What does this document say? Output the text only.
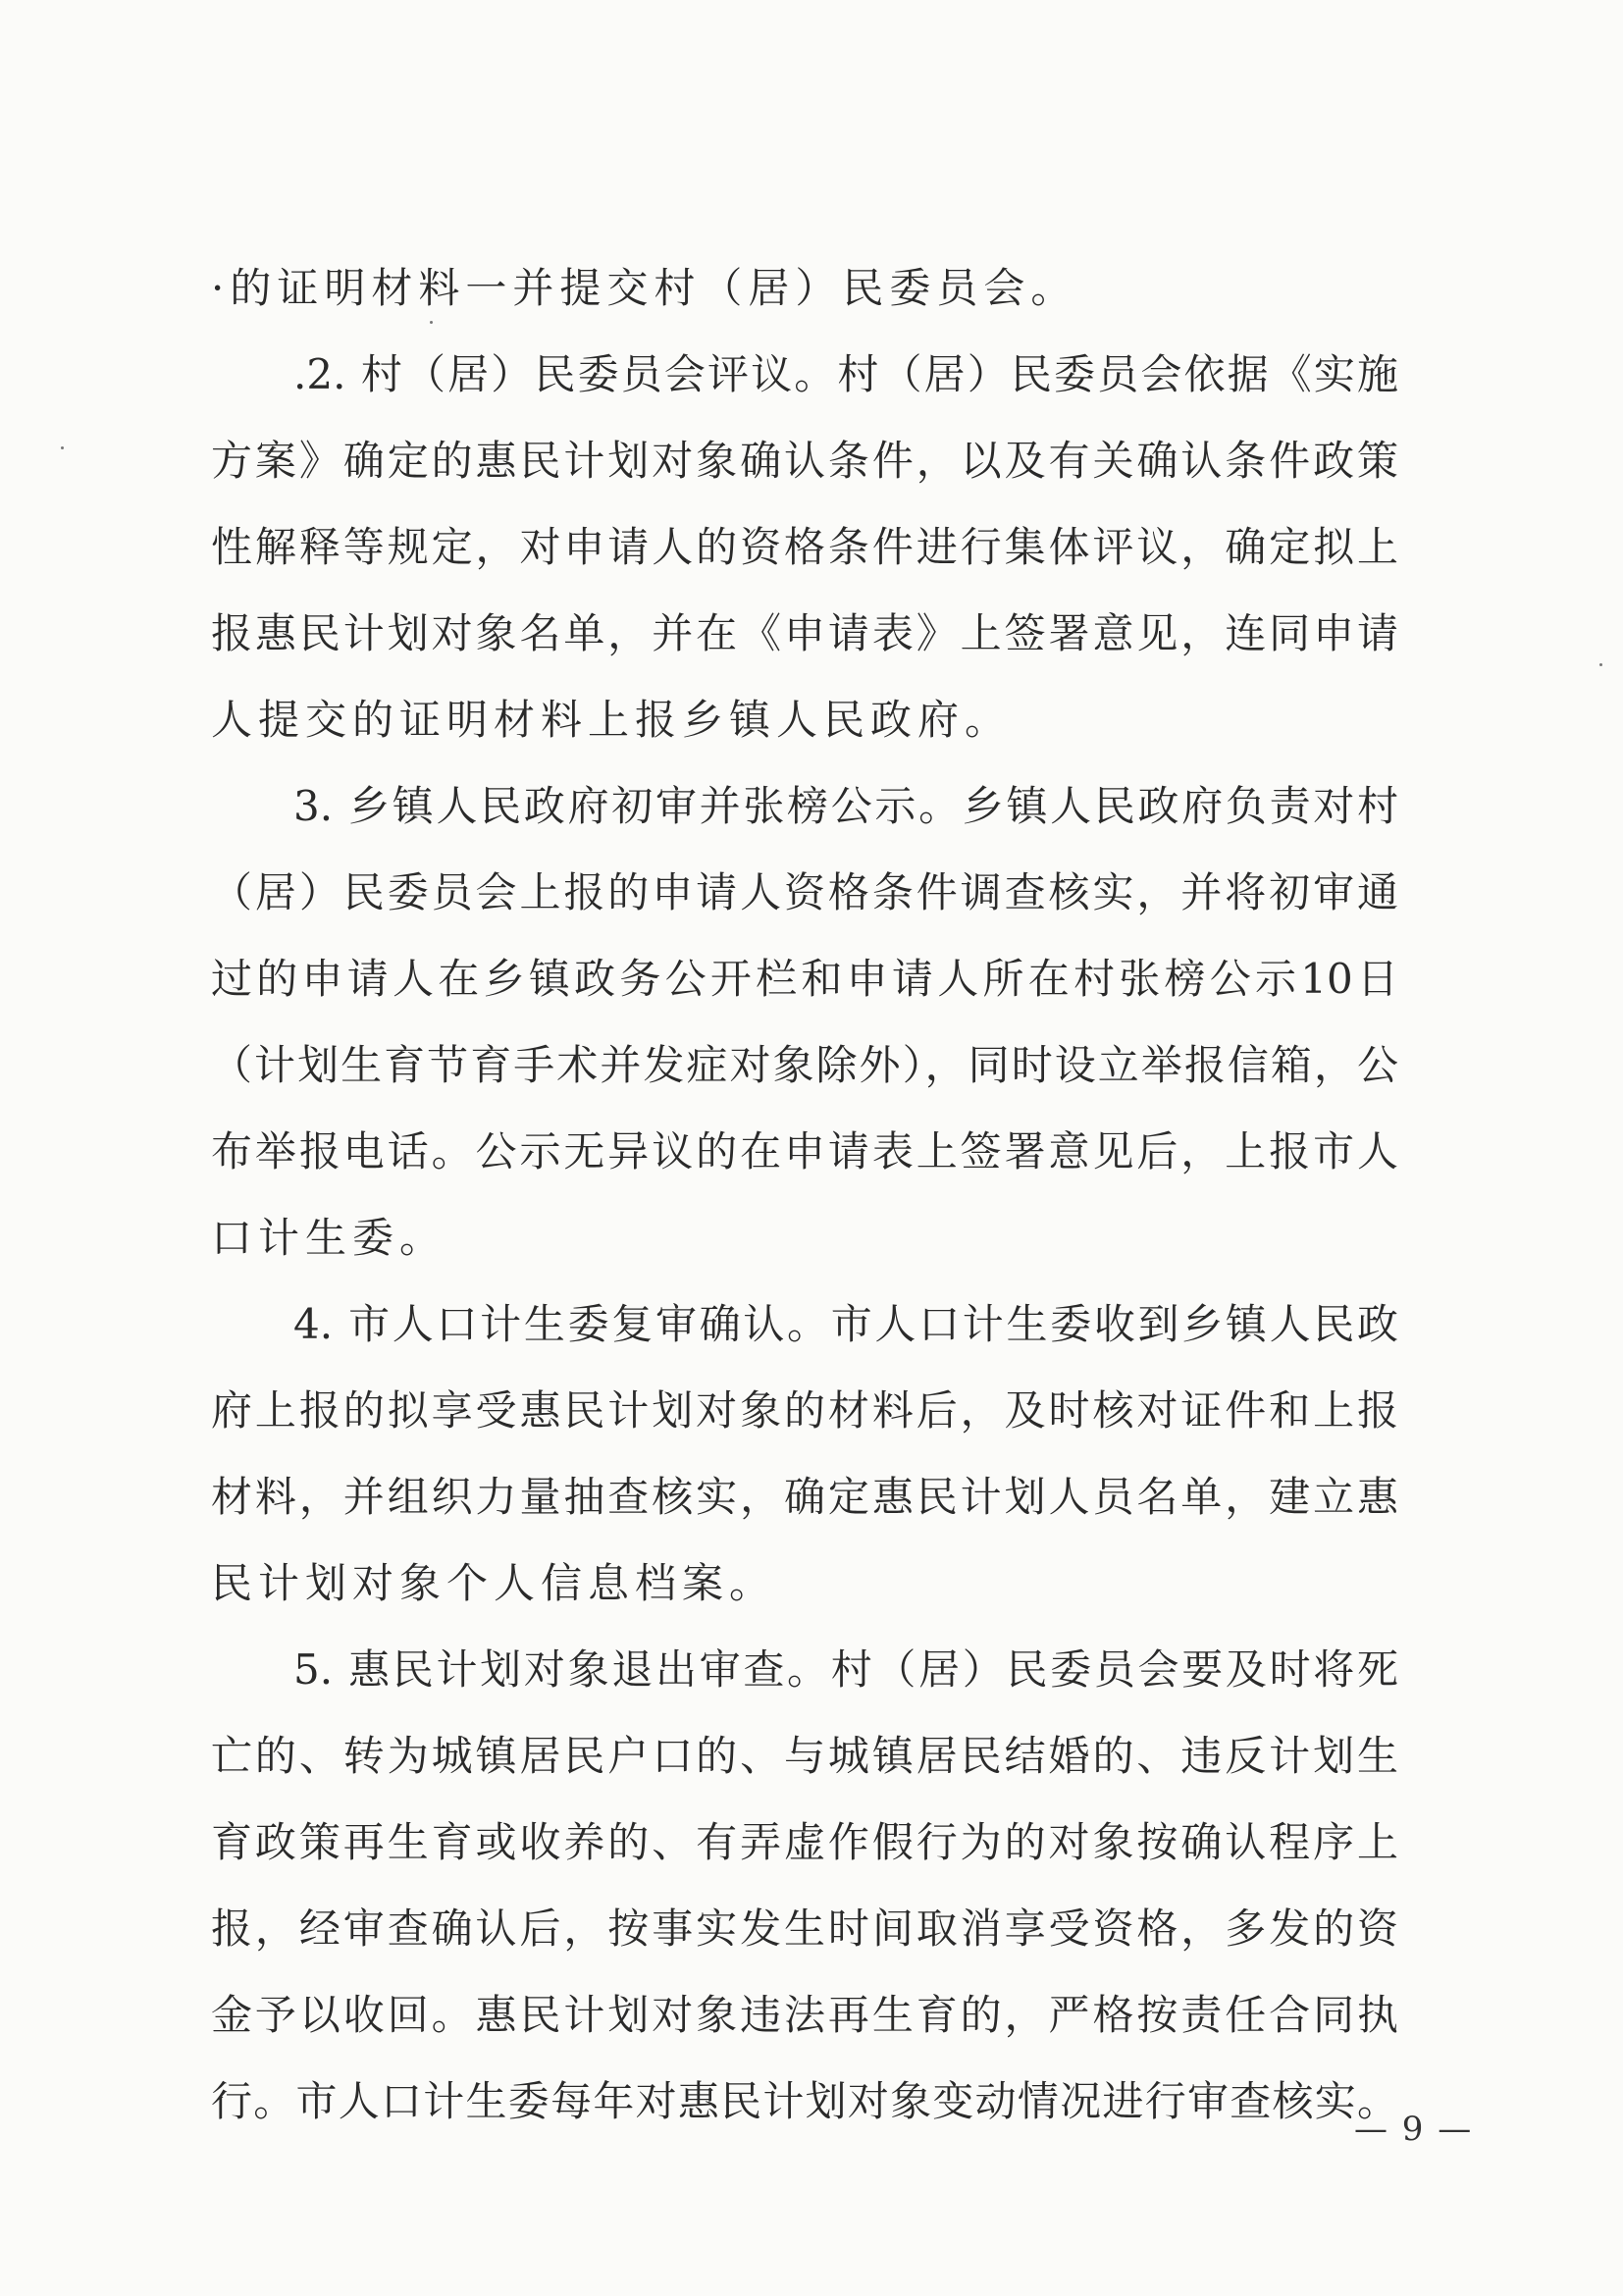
·的证明材料一并提交村（居）民委员会。
.2. 村（居）民委员会评议。村（居）民委员会依据《实施
方案》确定的惠民计划对象确认条件，以及有关确认条件政策
性解释等规定，对申请人的资格条件进行集体评议，确定拟上
报惠民计划对象名单，并在《申请表》上签署意见，连同申请
人提交的证明材料上报乡镇人民政府。
3. 乡镇人民政府初审并张榜公示。乡镇人民政府负责对村
（居）民委员会上报的申请人资格条件调查核实，并将初审通
过的申请人在乡镇政务公开栏和申请人所在村张榜公示10日
（计划生育节育手术并发症对象除外），同时设立举报信箱，公
布举报电话。公示无异议的在申请表上签署意见后，上报市人
口计生委。
4. 市人口计生委复审确认。市人口计生委收到乡镇人民政
府上报的拟享受惠民计划对象的材料后，及时核对证件和上报
材料，并组织力量抽查核实，确定惠民计划人员名单，建立惠
民计划对象个人信息档案。
5. 惠民计划对象退出审查。村（居）民委员会要及时将死
亡的、转为城镇居民户口的、与城镇居民结婚的、违反计划生
育政策再生育或收养的、有弄虚作假行为的对象按确认程序上
报，经审查确认后，按事实发生时间取消享受资格，多发的资
金予以收回。惠民计划对象违法再生育的，严格按责任合同执
行。市人口计生委每年对惠民计划对象变动情况进行审查核实。
— 9 —
